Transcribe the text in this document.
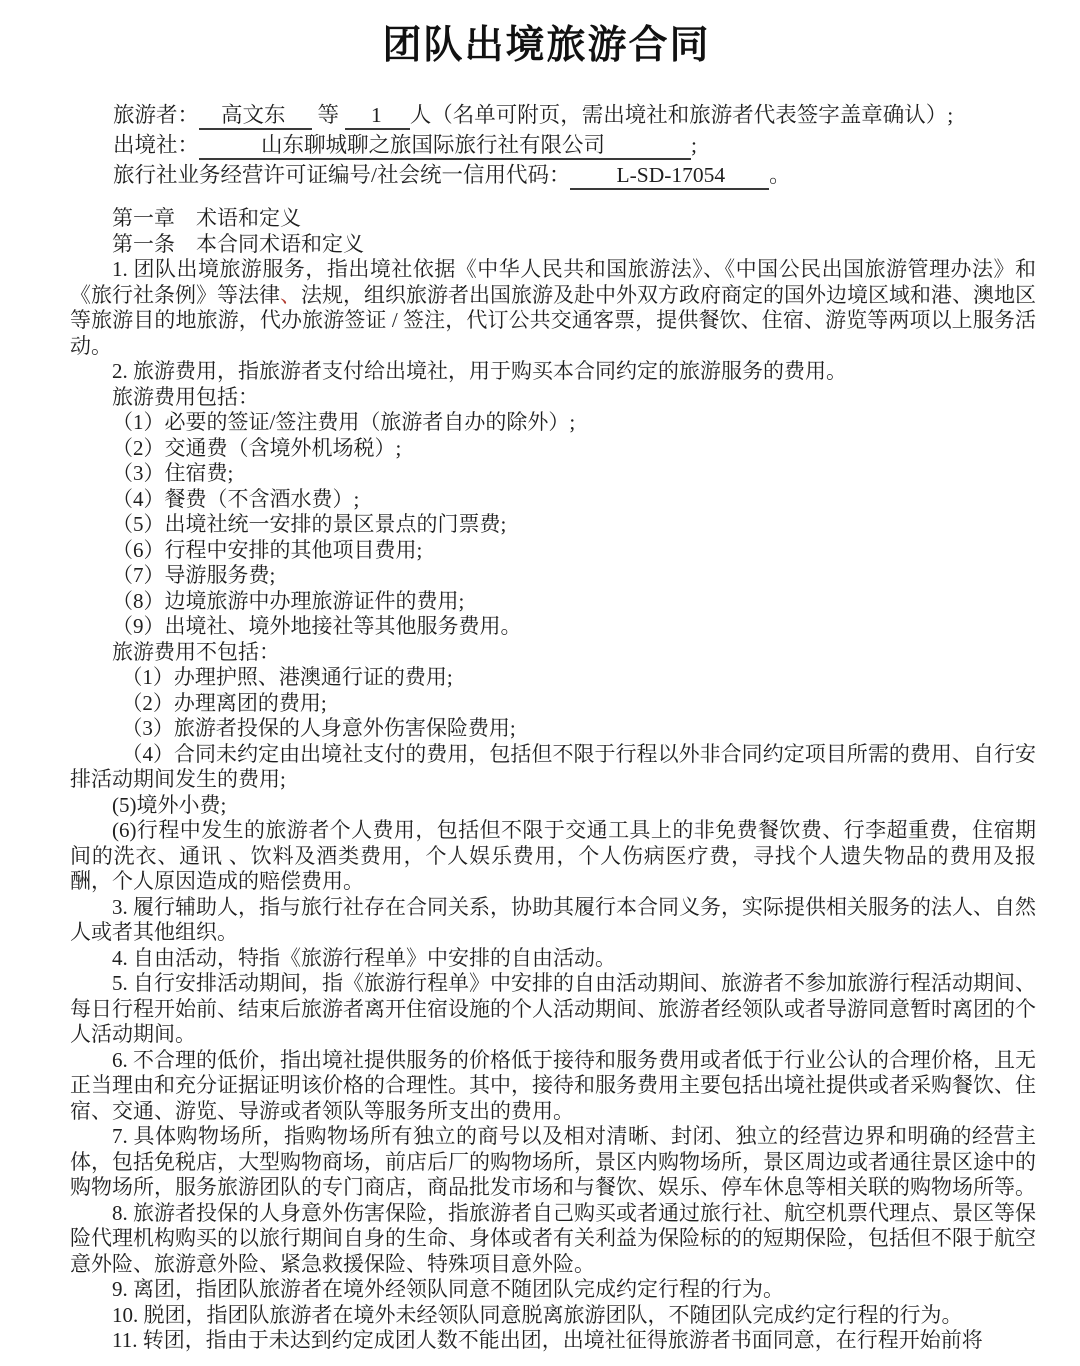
团队出境旅游合同

旅游者： 高文东 等 1 人（名单可附页，需出境社和旅游者代表签字盖章确认）;

出境社：	山东聊城聊之旅国际旅行社有限公司	;

旅行社业务经营许可证编号/社会统一信用代码： L-SD-17054 。

第一章　术语和定义

第一条　本合同术语和定义

1. 团队出境旅游服务，指出境社依据《中华人民共和国旅游法》、《中国公民出国旅游管理办法》和《旅行社条例》等法律、法规，组织旅游者出国旅游及赴中外双方政府商定的国外边境区域和港、澳地区等旅游目的地旅游，代办旅游签证 / 签注，代订公共交通客票，提供餐饮、住宿、游览等两项以上服务活动。

2. 旅游费用，指旅游者支付给出境社，用于购买本合同约定的旅游服务的费用。

旅游费用包括：

（1）必要的签证/签注费用（旅游者自办的除外）;

（2）交通费（含境外机场税）;

（3）住宿费;

（4）餐费（不含酒水费）;

（5）出境社统一安排的景区景点的门票费;

（6）行程中安排的其他项目费用;

（7）导游服务费;

（8）边境旅游中办理旅游证件的费用;

（9）出境社、境外地接社等其他服务费用。

旅游费用不包括：

（1）办理护照、港澳通行证的费用;

（2）办理离团的费用;

（3）旅游者投保的人身意外伤害保险费用;

（4）合同未约定由出境社支付的费用，包括但不限于行程以外非合同约定项目所需的费用、自行安排活动期间发生的费用;

(5)境外小费;

(6)行程中发生的旅游者个人费用，包括但不限于交通工具上的非免费餐饮费、行李超重费，住宿期间的洗衣、通讯 、饮料及酒类费用，个人娱乐费用，个人伤病医疗费，寻找个人遗失物品的费用及报酬，个人原因造成的赔偿费用。

3. 履行辅助人，指与旅行社存在合同关系，协助其履行本合同义务，实际提供相关服务的法人、自然人或者其他组织。

4. 自由活动，特指《旅游行程单》中安排的自由活动。

5. 自行安排活动期间，指《旅游行程单》中安排的自由活动期间、旅游者不参加旅游行程活动期间、每日行程开始前、结束后旅游者离开住宿设施的个人活动期间、旅游者经领队或者导游同意暂时离团的个人活动期间。

6. 不合理的低价，指出境社提供服务的价格低于接待和服务费用或者低于行业公认的合理价格，且无正当理由和充分证据证明该价格的合理性。其中，接待和服务费用主要包括出境社提供或者采购餐饮、住宿、交通、游览、导游或者领队等服务所支出的费用。

7. 具体购物场所，指购物场所有独立的商号以及相对清晰、封闭、独立的经营边界和明确的经营主体，包括免税店，大型购物商场，前店后厂的购物场所，景区内购物场所，景区周边或者通往景区途中的购物场所，服务旅游团队的专门商店，商品批发市场和与餐饮、娱乐、停车休息等相关联的购物场所等。

8. 旅游者投保的人身意外伤害保险，指旅游者自己购买或者通过旅行社、航空机票代理点、景区等保险代理机构购买的以旅行期间自身的生命、身体或者有关利益为保险标的的短期保险，包括但不限于航空意外险、旅游意外险、紧急救援保险、特殊项目意外险。

9. 离团，指团队旅游者在境外经领队同意不随团队完成约定行程的行为。

10. 脱团，指团队旅游者在境外未经领队同意脱离旅游团队，不随团队完成约定行程的行为。

11. 转团，指由于未达到约定成团人数不能出团，出境社征得旅游者书面同意，在行程开始前将
